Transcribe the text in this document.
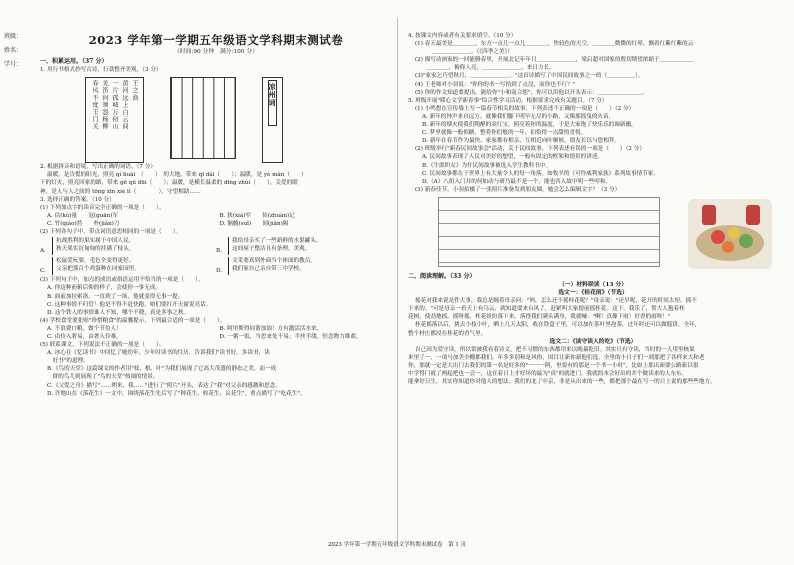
班级：
姓名：
学号：
2023 学年第一学期五年级语文学科期末测试卷
（时间:90 分钟　满分:100 分）
一、积累运用。（37 分）
1. 用行书格式抄写古诗，行款整齐美观。（3 分）
王之涣
黄河远上白云间
一片孤城万仞山
羌笛何须怨杨柳
春风不度玉门关	凉州词
2. 根据拼音和语境，写出正确的词语。（7 分）
温暖，是告慌的阳光，照亮 qí huài　（　　）　的大地，带来 qī dài（　　）；温暖，是 yè màn（　　）
下的灯火，照亮回家的路，带来 gē qū dūi（　　）；温暖，是横长温柔的 dīng zhǔi（　　），关爱的眼
神，是人与人之间的 tōng xīn xiè lì（　　　　），守望相助……
3. 选择正确的答案。（10 分）
(1) 下列加点字的读音完全正确的一项是（　　）。
A. 估(kù)量　　冠(guān)军	B. 狭(xiá)窄　　传(zhuàn)记
C. 竹(qiáo)然　　朴(jiǎn)刀	D. 脑髓(suǐ)　　间(jiān)隔
(2) 下列各句子中，带点词语意思相同的一项是（　　）。
A.
抗战胜利的果实属于中国人民。
秋天果实沉甸甸的挂满了枝头。	B.
我给母亲买了一些新鲜的水果罐头。
这间屋子整洁且有条理，美观。
C.
松鼠爱玩耍，毛色全变得更好。
父亲把那百个鸡蛋种在同家园里。	D.
文采要真到外面当个体面的教员。
我们家自己亲自带三中学校。
(3) 下列句子中，加点的成语或俗语运用不恰当的一项是（　　）。
A. 你这种前俯后仰的样子，会使你一事无成。
B. 面前加拉索洛，一直到了一场，他就变得无事一提。
C. 这种事情不归管！他是不得不赶快跑，咱们要打开天窗说亮话。
D. 这个铁人的事情谁人不知，哪个不晓，真是多事之秋。
(4) 学校食堂要张贴"珍惜粮食"的温馨提示，下列最合适的一项是（　　）。
A. 不浪费口粮，做个节俭人！	B. 阿里斯得同谐加油！方有激活活水来。
C. 由伶入奢易，由奢入伶难。	D. 一粥一饭，当思来处不易；半丝半缕，恒念物力维艰。
(5) 联系课文，下列说法不正确的一项是（　　）。
A. 冰心在《忆读书》中回忆了她幼年、少年时读书的往历，告诉我们"读书好，多读书，读
　好书"的道理。
B.《鸟的天堂》这篇课文的作者用"枝、根、叶"为我们展现了它高大茂盛的静态之美，而一成
　群的鸟儿则展现了"鸟的天堂"热闹的情景。
C.《父爱之舟》描写"……朔来，我……"进行了"照片"开头，表达了"我"对父亲的感激和思念。
D. 许地山在《落花生》一文中，围绕落花生先后写了"种花生、收花生、议花生"，重点描写了"吃花生"。
4. 按课文内容或者有关要求填空。（10 分）
(1) 春天最美是＿＿＿＿，东方一点儿一点儿＿＿＿＿，焦较色的天空，＿＿＿＿微微的红晕，飘着红紫红紫的云
　　　＿＿＿＿＿＿＿。（《四季之美》）
(2) 描写动画家的一回能腾春里，开展北记年年日＿＿＿＿＿＿＿，梁启超对国家的殷切期望浓缩于＿＿＿＿＿＿
　　＿＿＿＿，俯仰人亮，＿＿＿＿＿＿＿，来日方长。
(3)"家家乞巧望秋月，＿＿＿＿＿＿＿。"这首诗描写了中国民间故事之一的（＿＿＿＿＿）。
(4) 王老师对小羽说："你你的书一写拾到了点没，而你也不行？"
(5) 你的作文知道要提出，能给你"小和南合您"，你可以用他以开头表示：＿＿＿＿＿＿＿＿。
5. 班级开展"暖心文学新春事"综合性学习活动，根据要求完成有关题目。（7 分）
(1) 小鸣想在宣传墙上写一篇春节相关的故事，下列表述不正确的一项是（　　）（2 分）
A. 新年的钟声来自远方，就像我们脚下明早无尽的小路，又像那摇曳的火苗，
B. 新年的烟火使我们陶醉的金红宝，照亮着你的温度，于是大家饱了快乐乐的调新幽，
C. 梦里就像一般似糖，整将你们般的一年，伯恰得一点甜的喜悦。
D. 新年在春节作为最快、家家都有相亲，互相近向叶顺候，朋友长以与您相拜。
(2) 班级举行"新春民间故事会"活动，关于民间故事，下列表述有误的一项是（　　）（2 分）
A. 民间故事表现了人民对美好的想望，一般有固定的框架和情景的讲述。
B.《牛郎织女》为什民间故事被选入学生教科书中。
C. 民间故事都在于世界上有大量令人的每一角落。如牧羊的《可怜威利家族》系列故事情节家。
D.（A）八组入门并的何如动与研乃最不是一个，能也各入故中明一些哼和。
(3) 新春佳节，小羽拍摄了一张照片准备发到朋友圈，她会怎么编辑文字？（3 分）
二、阅读理解。（33 分）
（一）材料联读（13 分）
选文一：《桂花雨》（节选）
摇花对我来说是件大事，我总是缠着母亲问："妈，怎么还不摇桂花呢？"母亲说："还早呢，花开的时间太短，摇不
下来的。"可是母亲一看天上有乌云，就知道要来台风了，赶紧叫大家提前摇桂花。这下，我乐了，帮大人抱着桂
花树，使劲地摇。摇呀摇，桂花纷纷落下来，落得我们满头满身，我就喊："啊！真像下雨！好香的雨呀！"
桂花摇落以后，挑去小枝小叶，晒上几天太阳，收在铁盒子里，可以加在茶叶里泡茶，过年时还可以做糕饼，全年，
整个村庄都浸在桂花的香气里。
选文二：《读守读人的吃》（节选）
自己因为爱守读，所以常被我看着诗文，把不习惯的东西都用来以晚暴乾旧。其实只有守读，当时的一人用里核果
来里了一，一项马加美全棚都我们。年多多别和是风俗，国目让新你新他们选。全里的小日子们一到那把了各样来大和老
你，那就一定是大出门去我们的第一名是好多的"一一一阿，里要有的那是一个书一小时"，比如上那出面要公路新以很
中学得门就了两起把也一会一，这在着日上才好坏的最为"真"的就进门，我就的本会好出的并个做读来的人东东。
能拿好日生，其实你知道你对他人的想法。我们的北了中京，非是从出来的一些，都把那个最在写一的日上说的那些些地方。
2023 学年第一学期五年级语文学科期末测试卷　第 1 页
